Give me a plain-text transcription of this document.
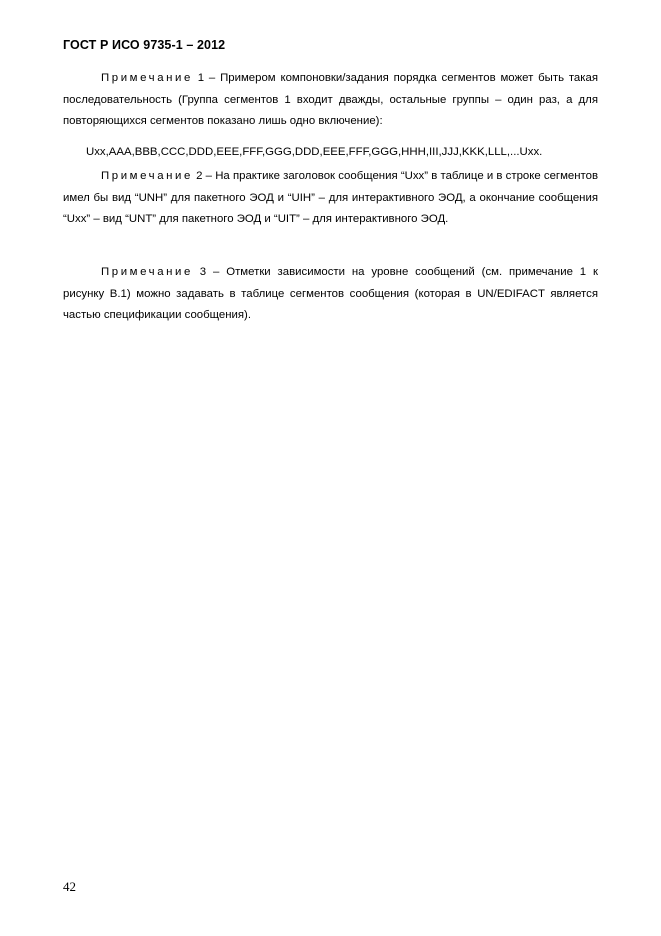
ГОСТ Р ИСО 9735-1 – 2012

Примечание 1 – Примером компоновки/задания порядка сегментов может быть такая последовательность (Группа сегментов 1 входит дважды, остальные группы – один раз, а для повторяющихся сегментов показано лишь одно включение):

Uxx,AAA,BBB,CCC,DDD,EEE,FFF,GGG,DDD,EEE,FFF,GGG,HHH,III,JJJ,KKK,LLL,...Uxx.

Примечание 2 – На практике заголовок сообщения “Uxx” в таблице и в строке сегментов имел бы вид “UNH” для пакетного ЭОД и “UIH” – для интерактивного ЭОД, а окончание сообщения “Uxx” – вид “UNT” для пакетного ЭОД и “UIT” – для интерактивного ЭОД.

Примечание 3 – Отметки зависимости на уровне сообщений (см. примечание 1 к рисунку В.1) можно задавать в таблице сегментов сообщения (которая в UN/EDIFACT является частью спецификации сообщения).

42
